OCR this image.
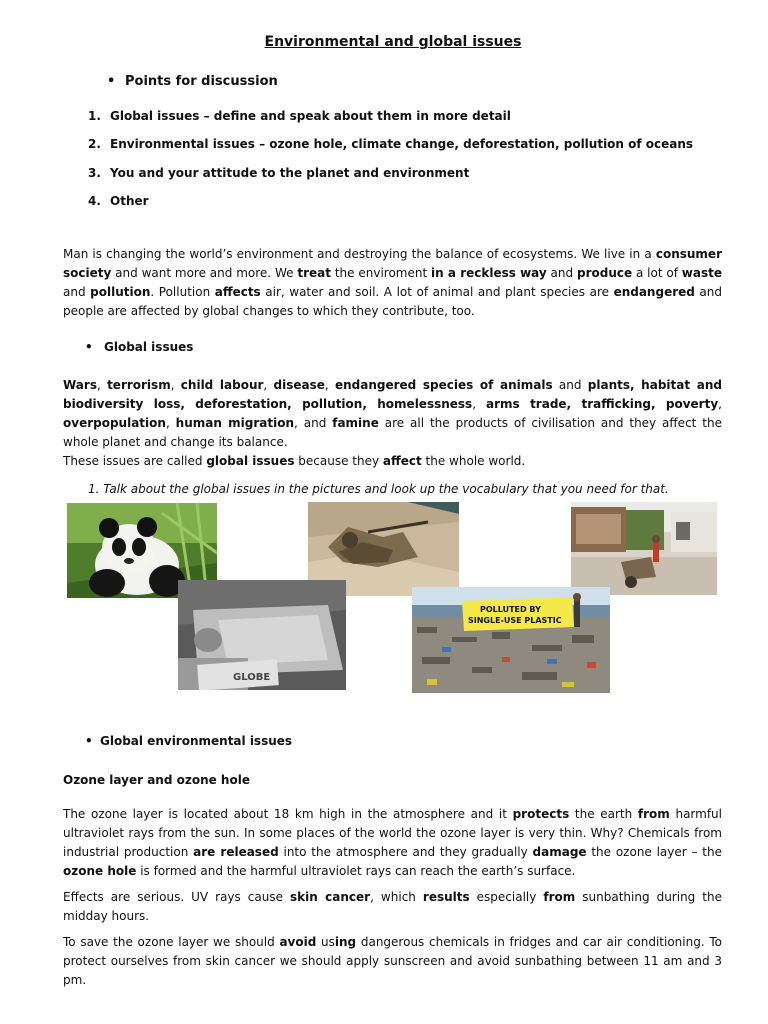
Environmental and global issues
• Points for discussion
1. Global issues – define and speak about them in more detail
2. Environmental issues – ozone hole, climate change, deforestation, pollution of oceans
3. You and your attitude to the planet and environment
4. Other
Man is changing the world’s environment and destroying the balance of ecosystems. We live in a consumer society and want more and more. We treat the enviroment in a reckless way and produce a lot of waste and pollution. Pollution affects air, water and soil. A lot of animal and plant species are endangered and people are affected by global changes to which they contribute, too.
• Global issues
Wars, terrorism, child labour, disease, endangered species of animals and plants, habitat and biodiversity loss, deforestation, pollution, homelessness, arms trade, trafficking, poverty, overpopulation, human migration, and famine are all the products of civilisation and they affect the whole planet and change its balance.
These issues are called global issues because they affect the whole world.
1. Talk about the global issues in the pictures and look up the vocabulary that you need for that.
GLOBE
POLLUTED BY
SINGLE-USE PLASTIC
• Global environmental issues
Ozone layer and ozone hole
The ozone layer is located about 18 km high in the atmosphere and it protects the earth from harmful ultraviolet rays from the sun. In some places of the world the ozone layer is very thin. Why? Chemicals from industrial production are released into the atmosphere and they gradually damage the ozone layer – the ozone hole is formed and the harmful ultraviolet rays can reach the earth’s surface.
Effects are serious. UV rays cause skin cancer, which results especially from sunbathing during the midday hours.
To save the ozone layer we should avoid using dangerous chemicals in fridges and car air conditioning. To protect ourselves from skin cancer we should apply sunscreen and avoid sunbathing between 11 am and 3 pm.
